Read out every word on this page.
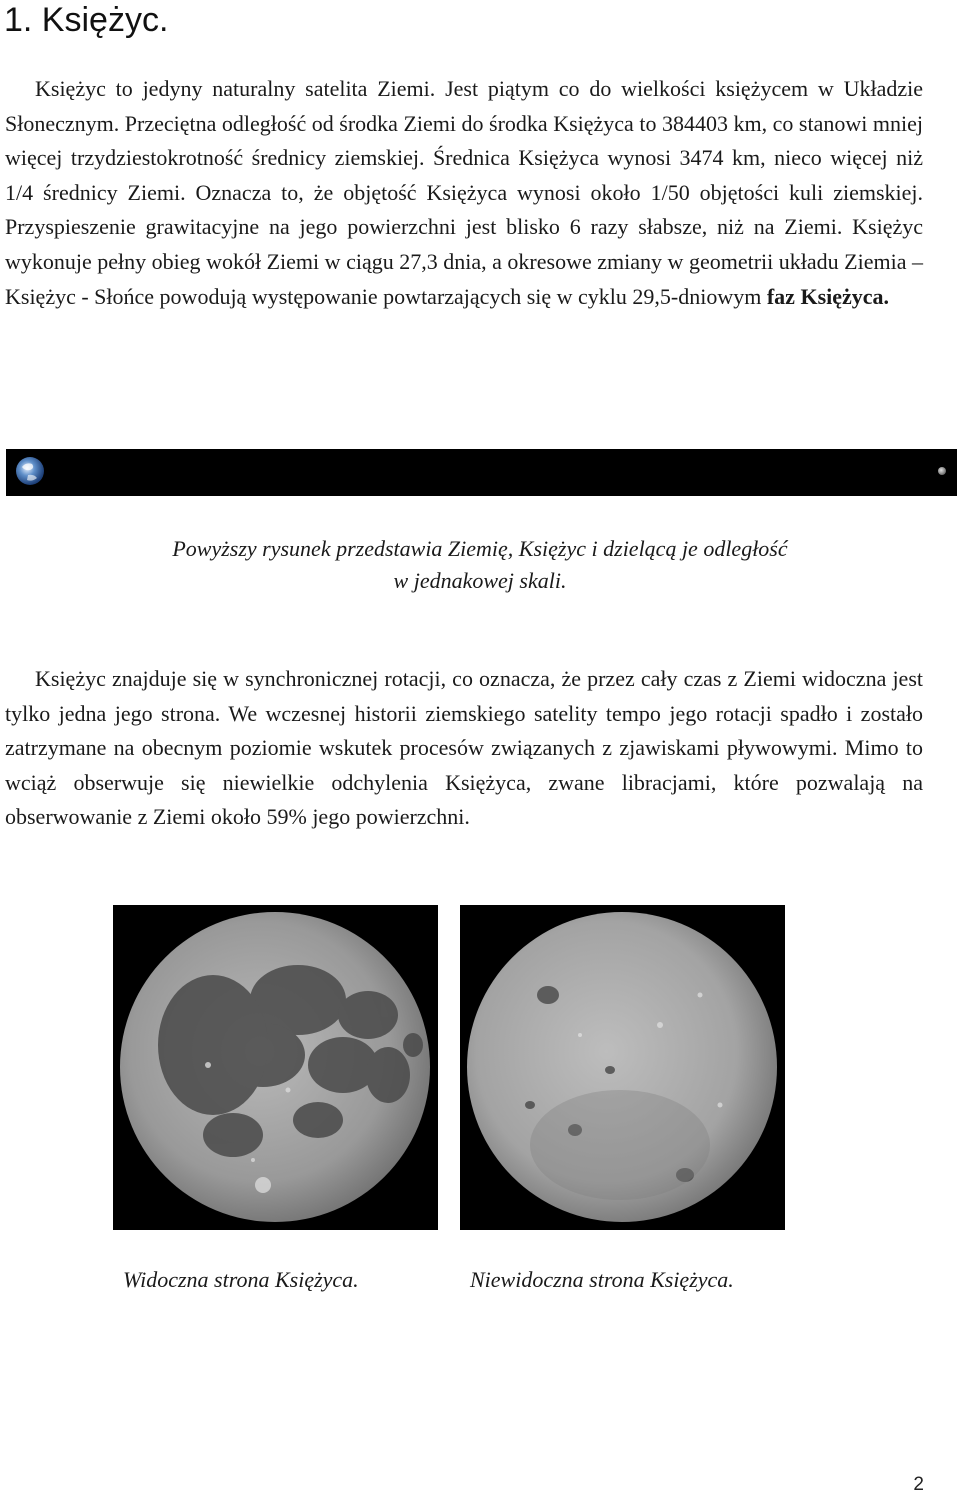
1. Księżyc.
Księżyc to jedyny naturalny satelita Ziemi. Jest piątym co do wielkości księżycem w Układzie Słonecznym. Przeciętna odległość od środka Ziemi do środka Księżyca to 384403 km, co stanowi mniej więcej trzydziestokrotność średnicy ziemskiej. Średnica Księżyca wynosi 3474 km, nieco więcej niż 1/4 średnicy Ziemi. Oznacza to, że objętość Księżyca wynosi około 1/50 objętości kuli ziemskiej. Przyspieszenie grawitacyjne na jego powierzchni jest blisko 6 razy słabsze, niż na Ziemi. Księżyc wykonuje pełny obieg wokół Ziemi w ciągu 27,3 dnia, a okresowe zmiany w geometrii układu Ziemia – Księżyc - Słońce powodują występowanie powtarzających się w cyklu 29,5-dniowym faz Księżyca.
Powyższy rysunek przedstawia Ziemię, Księżyc i dzielącą je odległość
w jednakowej skali.
Księżyc znajduje się w synchronicznej rotacji, co oznacza, że przez cały czas z Ziemi widoczna jest tylko jedna jego strona. We wczesnej historii ziemskiego satelity tempo jego rotacji spadło i zostało zatrzymane na obecnym poziomie wskutek procesów związanych z zjawiskami pływowymi. Mimo to wciąż obserwuje się niewielkie odchylenia Księżyca, zwane libracjami, które pozwalają na obserwowanie z Ziemi około 59% jego powierzchni.
Widoczna strona Księżyca.	Niewidoczna strona Księżyca.
2
